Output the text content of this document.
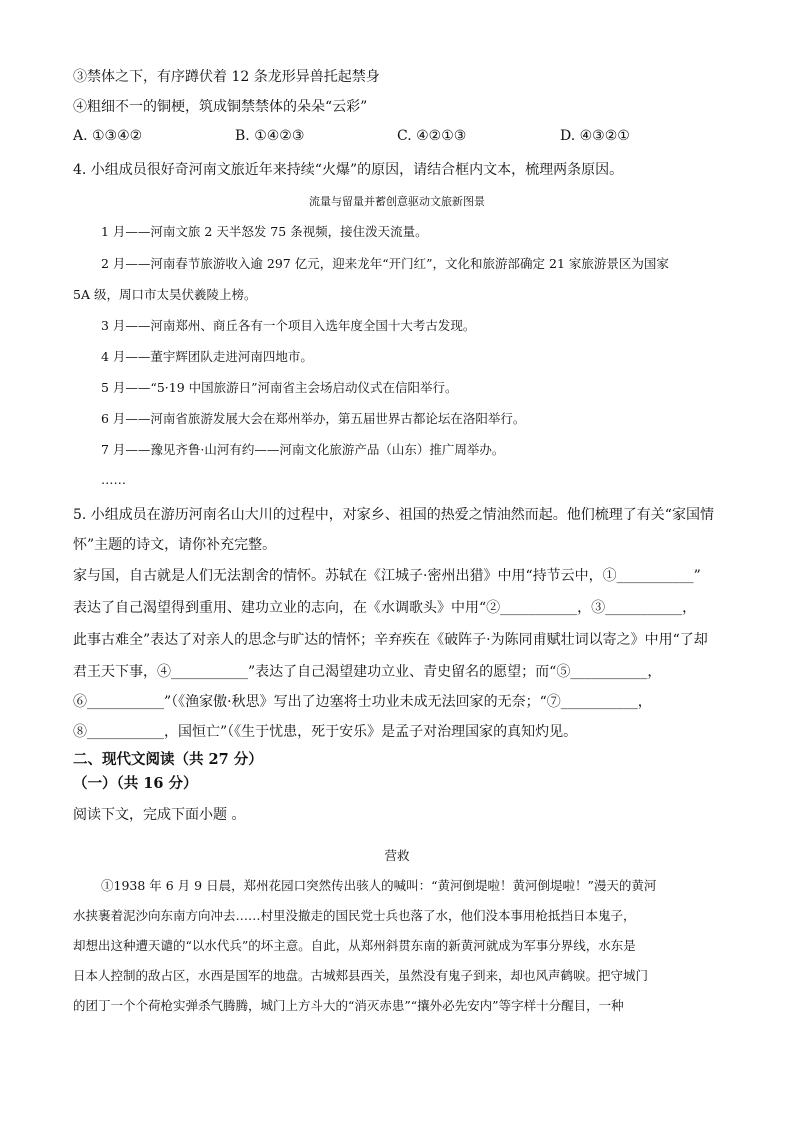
③禁体之下，有序蹲伏着 12 条龙形异兽托起禁身
④粗细不一的铜梗，筑成铜禁禁体的朵朵“云彩”
A. ①③④②	B. ①④②③	C. ④②①③	D. ④③②①
4. 小组成员很好奇河南文旅近年来持续“火爆”的原因，请结合框内文本，梳理两条原因。
流量与留量并蓄创意驱动文旅新图景
1 月——河南文旅 2 天半怒发 75 条视频，接住泼天流量。
2 月——河南春节旅游收入逾 297 亿元，迎来龙年“开门红”，文化和旅游部确定 21 家旅游景区为国家
5A 级，周口市太昊伏羲陵上榜。
3 月——河南郑州、商丘各有一个项目入选年度全国十大考古发现。
4 月——董宇辉团队走进河南四地市。
5 月——“5·19 中国旅游日”河南省主会场启动仪式在信阳举行。
6 月——河南省旅游发展大会在郑州举办，第五届世界古都论坛在洛阳举行。
7 月——豫见齐鲁·山河有约——河南文化旅游产品（山东）推广周举办。
……
5. 小组成员在游历河南名山大川的过程中，对家乡、祖国的热爱之情油然而起。他们梳理了有关“家国情
怀”主题的诗文，请你补充完整。
家与国，自古就是人们无法割舍的情怀。苏轼在《江城子·密州出猎》中用“持节云中，①___________”
表达了自己渴望得到重用、建功立业的志向，在《水调歌头》中用“②___________，③___________，
此事古难全”表达了对亲人的思念与旷达的情怀；辛弃疾在《破阵子·为陈同甫赋壮词以寄之》中用“了却
君王天下事，④___________”表达了自己渴望建功立业、青史留名的愿望；而“⑤___________，
⑥___________”（《渔家傲·秋思》写出了边塞将士功业未成无法回家的无奈；“⑦___________，
⑧___________，国恒亡”（《生于忧患，死于安乐》是孟子对治理国家的真知灼见。
二、现代文阅读（共 27 分）
（一）（共 16 分）
阅读下文，完成下面小题 。
营救
①1938 年 6 月 9 日晨，郑州花园口突然传出骇人的喊叫：“黄河倒堤啦！黄河倒堤啦！”漫天的黄河
水挟裹着泥沙向东南方向冲去……村里没撤走的国民党士兵也落了水，他们没本事用枪抵挡日本鬼子，
却想出这种遭天谴的“以水代兵”的坏主意。自此，从郑州斜贯东南的新黄河就成为军事分界线，水东是
日本人控制的敌占区，水西是国军的地盘。古城郏县西关，虽然没有鬼子到来，却也风声鹤唳。把守城门
的团丁一个个荷枪实弹杀气腾腾，城门上方斗大的“消灭赤患”“攘外必先安内”等字样十分醒目，一种
